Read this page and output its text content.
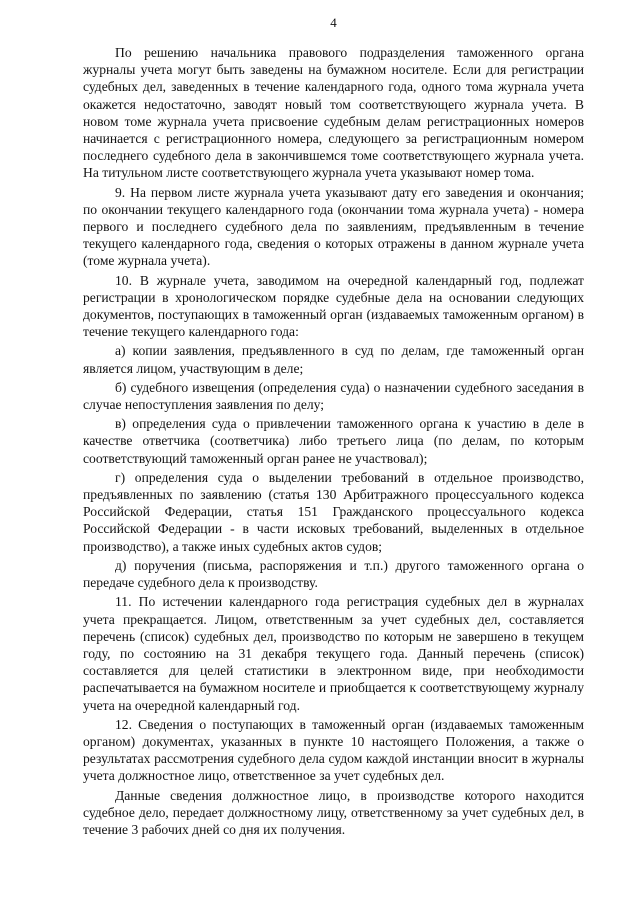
4

По решению начальника правового подразделения таможенного органа журналы учета могут быть заведены на бумажном носителе. Если для регистрации судебных дел, заведенных в течение календарного года, одного тома журнала учета окажется недостаточно, заводят новый том соответствующего журнала учета. В новом томе журнала учета присвоение судебным делам регистрационных номеров начинается с регистрационного номера, следующего за регистрационным номером последнего судебного дела в закончившемся томе соответствующего журнала учета. На титульном листе соответствующего журнала учета указывают номер тома.

9. На первом листе журнала учета указывают дату его заведения и окончания; по окончании текущего календарного года (окончании тома журнала учета) - номера первого и последнего судебного дела по заявлениям, предъявленным в течение текущего календарного года, сведения о которых отражены в данном журнале учета (томе журнала учета).

10. В журнале учета, заводимом на очередной календарный год, подлежат регистрации в хронологическом порядке судебные дела на основании следующих документов, поступающих в таможенный орган (издаваемых таможенным органом) в течение текущего календарного года:

а) копии заявления, предъявленного в суд по делам, где таможенный орган является лицом, участвующим в деле;

б) судебного извещения (определения суда) о назначении судебного заседания в случае непоступления заявления по делу;

в) определения суда о привлечении таможенного органа к участию в деле в качестве ответчика (соответчика) либо третьего лица (по делам, по которым соответствующий таможенный орган ранее не участвовал);

г) определения суда о выделении требований в отдельное производство, предъявленных по заявлению (статья 130 Арбитражного процессуального кодекса Российской Федерации, статья 151 Гражданского процессуального кодекса Российской Федерации - в части исковых требований, выделенных в отдельное производство), а также иных судебных актов судов;

д) поручения (письма, распоряжения и т.п.) другого таможенного органа о передаче судебного дела к производству.

11. По истечении календарного года регистрация судебных дел в журналах учета прекращается. Лицом, ответственным за учет судебных дел, составляется перечень (список) судебных дел, производство по которым не завершено в текущем году, по состоянию на 31 декабря текущего года. Данный перечень (список) составляется для целей статистики в электронном виде, при необходимости распечатывается на бумажном носителе и приобщается к соответствующему журналу учета на очередной календарный год.

12. Сведения о поступающих в таможенный орган (издаваемых таможенным органом) документах, указанных в пункте 10 настоящего Положения, а также о результатах рассмотрения судебного дела судом каждой инстанции вносит в журналы учета должностное лицо, ответственное за учет судебных дел.

Данные сведения должностное лицо, в производстве которого находится судебное дело, передает должностному лицу, ответственному за учет судебных дел, в течение 3 рабочих дней со дня их получения.
